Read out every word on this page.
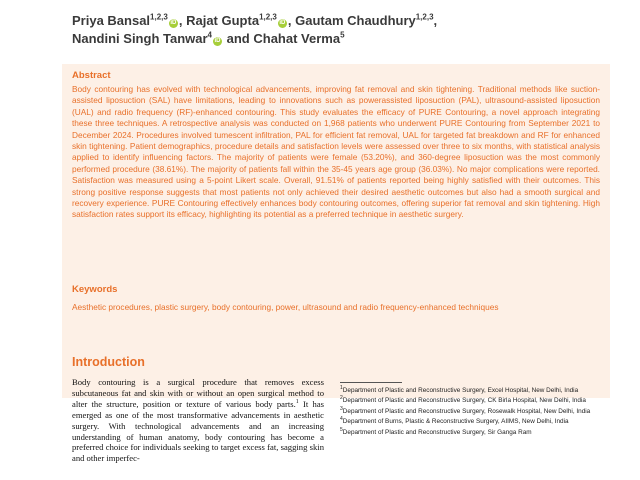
Priya Bansal$^{1,2,3}$iD , Rajat Gupta$^{1,2,3}$iD , Gautam Chaudhury$^{1,2,3}$, Nandini Singh Tanwar$^4$iD and Chahat Verma$^5$
Abstract
Body contouring has evolved with technological advancements, improving fat removal and skin tightening. Traditional methods like suction-assisted liposuction (SAL) have limitations, leading to innovations such as powerassisted liposuction (PAL), ultrasound-assisted liposuction (UAL) and radio frequency (RF)-enhanced contouring. This study evaluates the efficacy of PURE Contouring, a novel approach integrating these three techniques. A retrospective analysis was conducted on 1,968 patients who underwent PURE Contouring from September 2021 to December 2024. Procedures involved tumescent infiltration, PAL for efficient fat removal, UAL for targeted fat breakdown and RF for enhanced skin tightening. Patient demographics, procedure details and satisfaction levels were assessed over three to six months, with statistical analysis applied to identify influencing factors. The majority of patients were female (53.20%), and 360-degree liposuction was the most commonly performed procedure (38.61%). The majority of patients fall within the 35-45 years age group (36.03%). No major complications were reported. Satisfaction was measured using a 5-point Likert scale. Overall, 91.51% of patients reported being highly satisfied with their outcomes. This strong positive response suggests that most patients not only achieved their desired aesthetic outcomes but also had a smooth surgical and recovery experience. PURE Contouring effectively enhances body contouring outcomes, offering superior fat removal and skin tightening. High satisfaction rates support its efficacy, highlighting its potential as a preferred technique in aesthetic surgery.
Keywords
Aesthetic procedures, plastic surgery, body contouring, power, ultrasound and radio frequency-enhanced techniques
Introduction
Body contouring is a surgical procedure that removes excess subcutaneous fat and skin with or without an open surgical method to alter the structure, position or texture of various body parts.$^1$ It has emerged as one of the most transformative advancements in aesthetic surgery. With technological advancements and an increasing understanding of human anatomy, body contouring has become a preferred choice for individuals seeking to target excess fat, sagging skin and other imperfec-
$^1$Department of Plastic and Reconstructive Surgery, Excel Hospital, New Delhi, India
$^2$Department of Plastic and Reconstructive Surgery, CK Birla Hospital, New Delhi, India
$^3$Department of Plastic and Reconstructive Surgery, Rosewalk Hospital, New Delhi, India
$^4$Department of Burns, Plastic & Reconstructive Surgery, AIIMS, New Delhi, India
$^5$Department of Plastic and Reconstructive Surgery, Sir Ganga Ram
